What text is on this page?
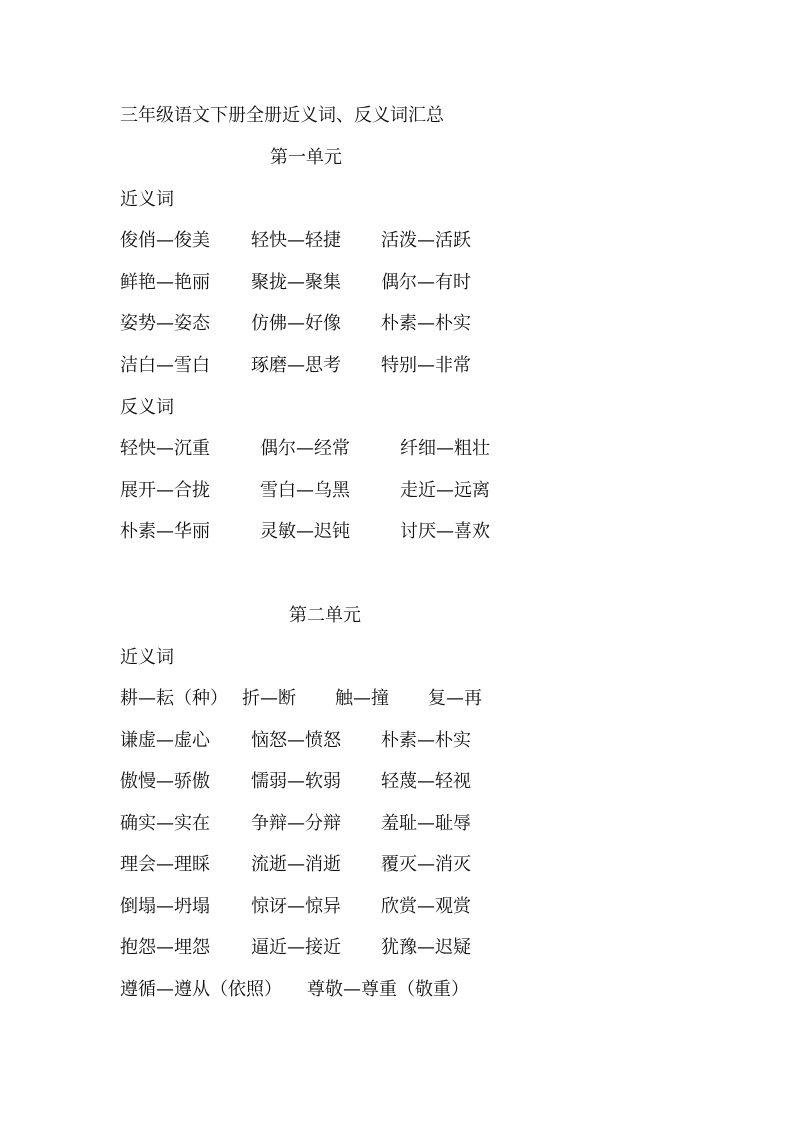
三年级语文下册全册近义词、反义词汇总
第一单元
近义词
俊俏—俊美 轻快—轻捷 活泼—活跃
鲜艳—艳丽 聚拢—聚集 偶尔—有时
姿势—姿态 仿佛—好像 朴素—朴实
洁白—雪白 琢磨—思考 特别—非常
反义词
轻快—沉重	偶尔—经常	纤细—粗壮
展开—合拢	雪白—乌黑	走近—远离
朴素—华丽	灵敏—迟钝	讨厌—喜欢
第二单元
近义词
耕—耘（种） 折—断 触—撞 复—再
谦虚—虚心 恼怒—愤怒 朴素—朴实
傲慢—骄傲 懦弱—软弱 轻蔑—轻视
确实—实在 争辩—分辩 羞耻—耻辱
理会—理睬 流逝—消逝 覆灭—消灭
倒塌—坍塌 惊讶—惊异 欣赏—观赏
抱怨—埋怨 逼近—接近 犹豫—迟疑
遵循—遵从（依照） 尊敬—尊重（敬重）
